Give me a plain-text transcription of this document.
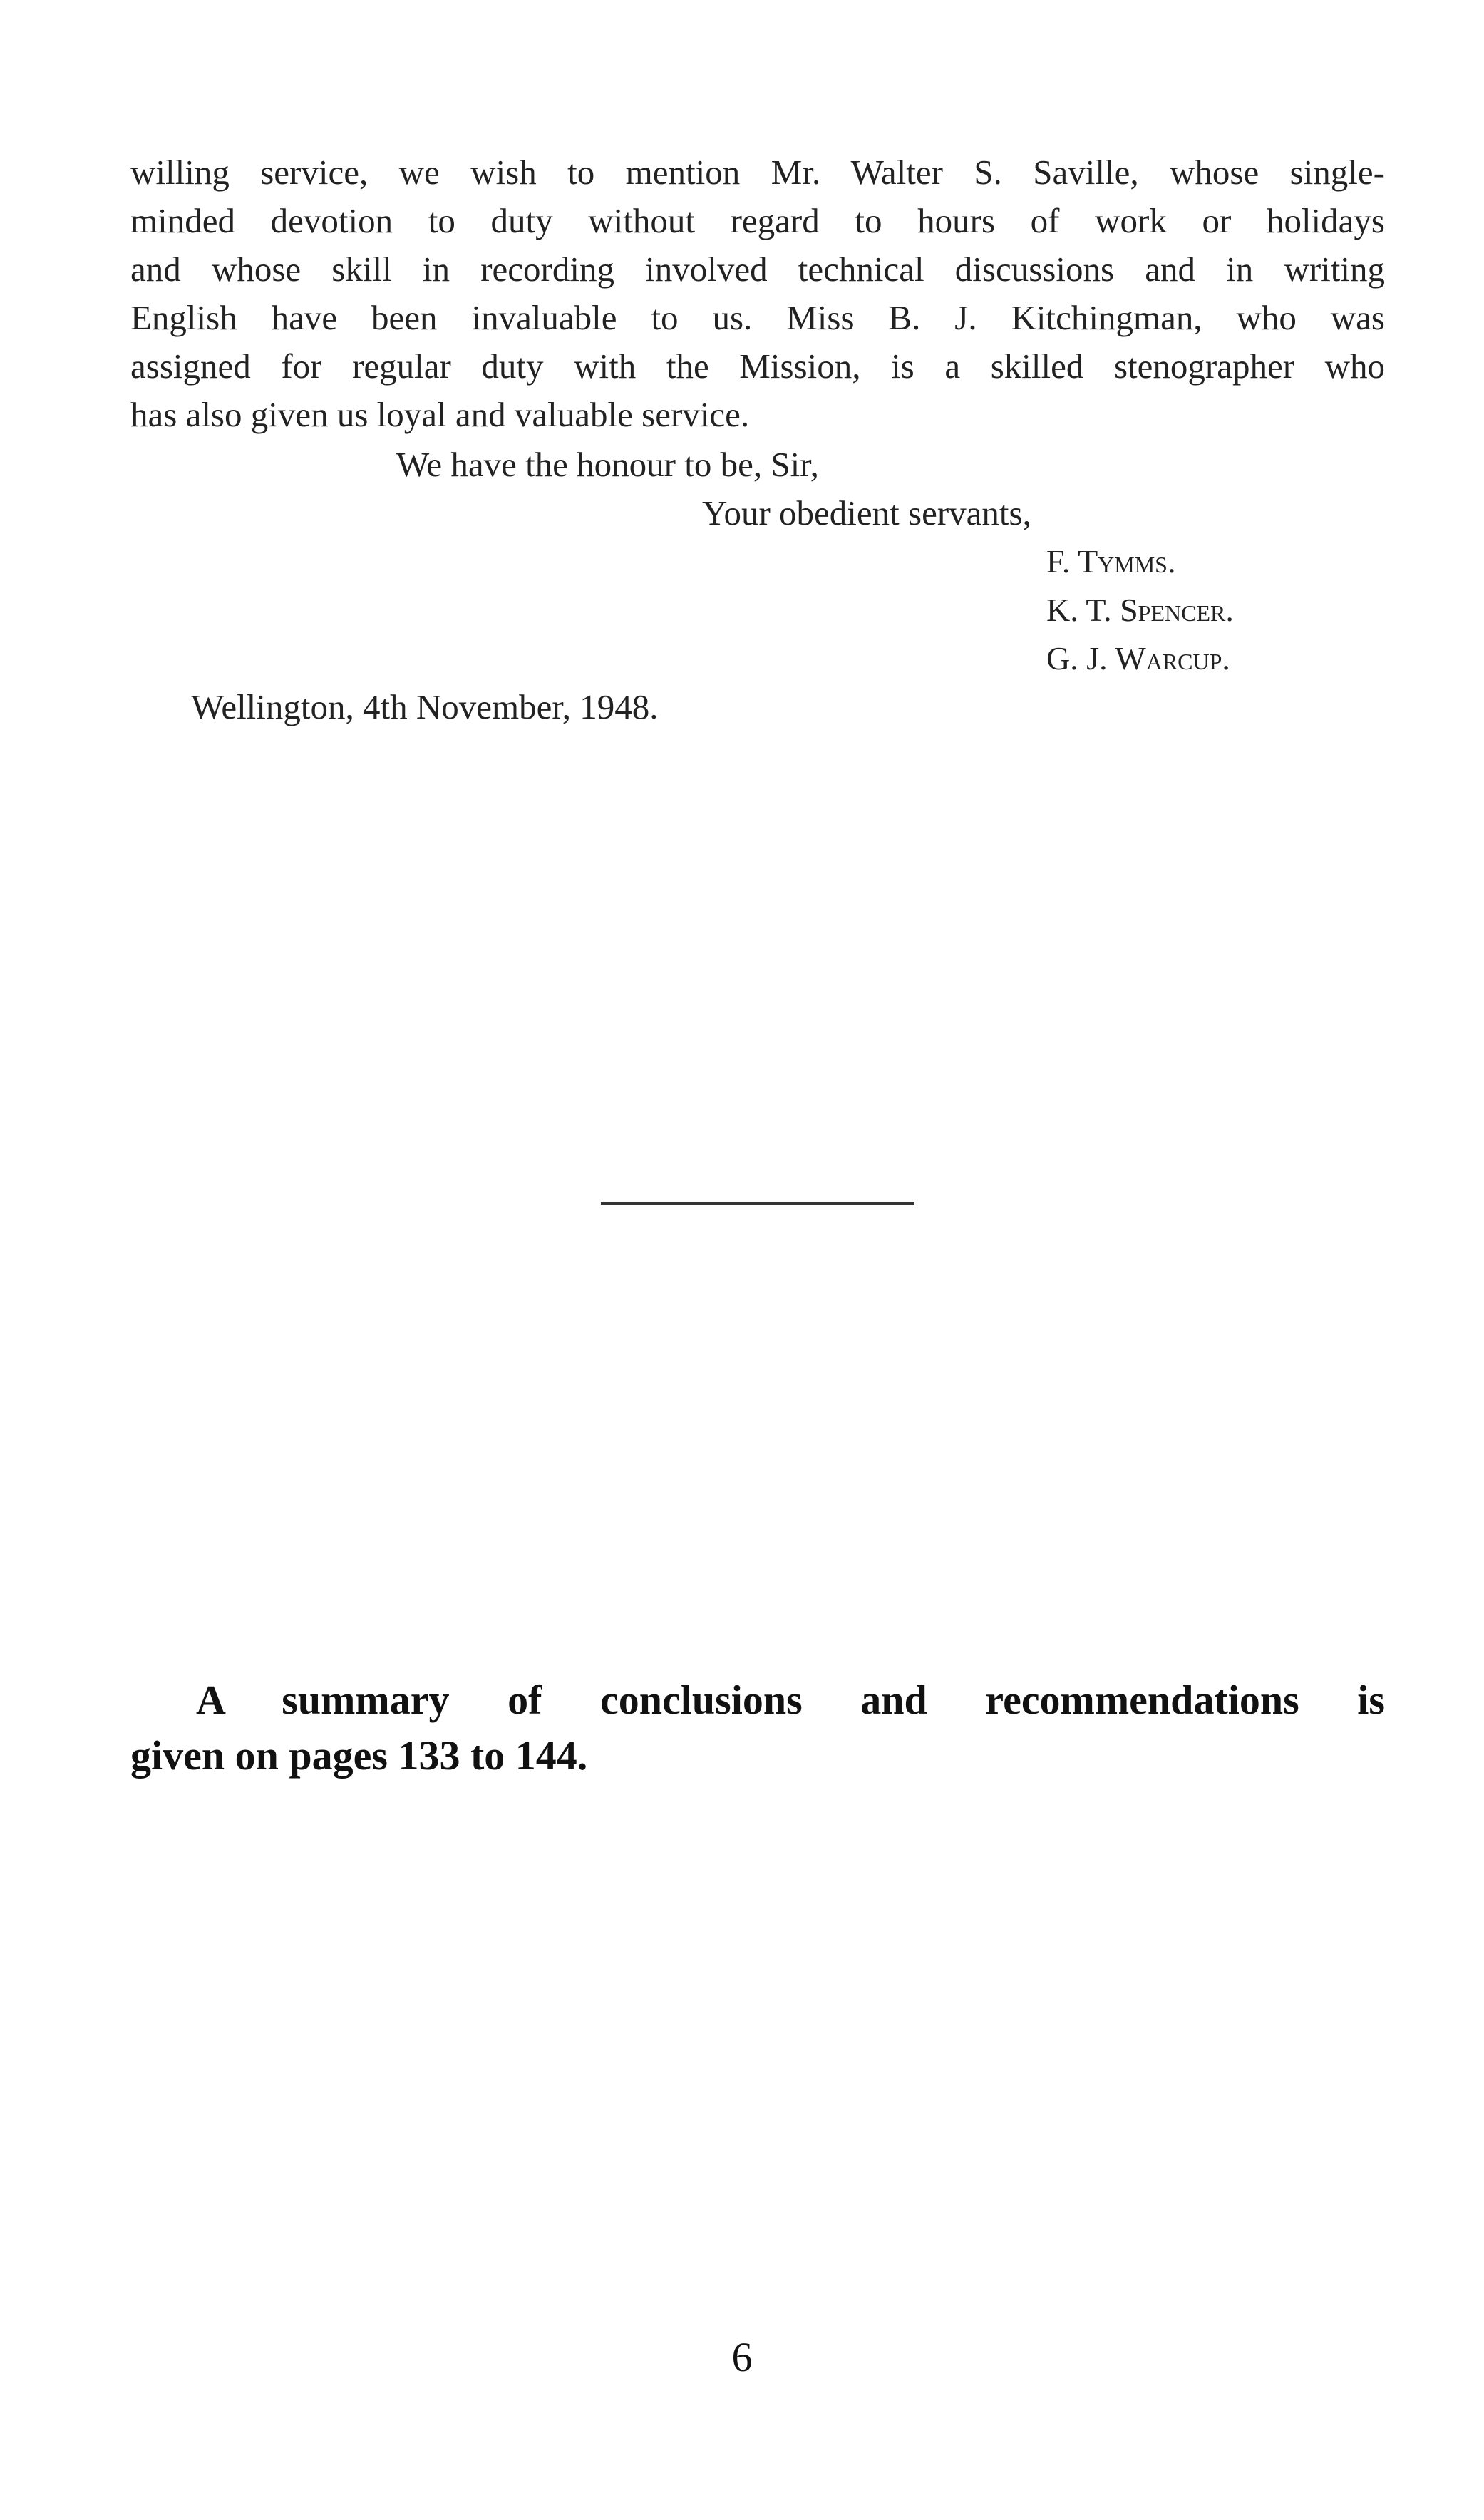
willing service, we wish to mention Mr. Walter S. Saville, whose single-
minded devotion to duty without regard to hours of work or holidays
and whose skill in recording involved technical discussions and in writing
English have been invaluable to us. Miss B. J. Kitchingman, who was
assigned for regular duty with the Mission, is a skilled stenographer who
has also given us loyal and valuable service.
We have the honour to be, Sir,
Your obedient servants,
F. Tymms.
K. T. Spencer.
G. J. Warcup.
Wellington, 4th November, 1948.
A summary of conclusions and recommendations is
given on pages 133 to 144.
6
